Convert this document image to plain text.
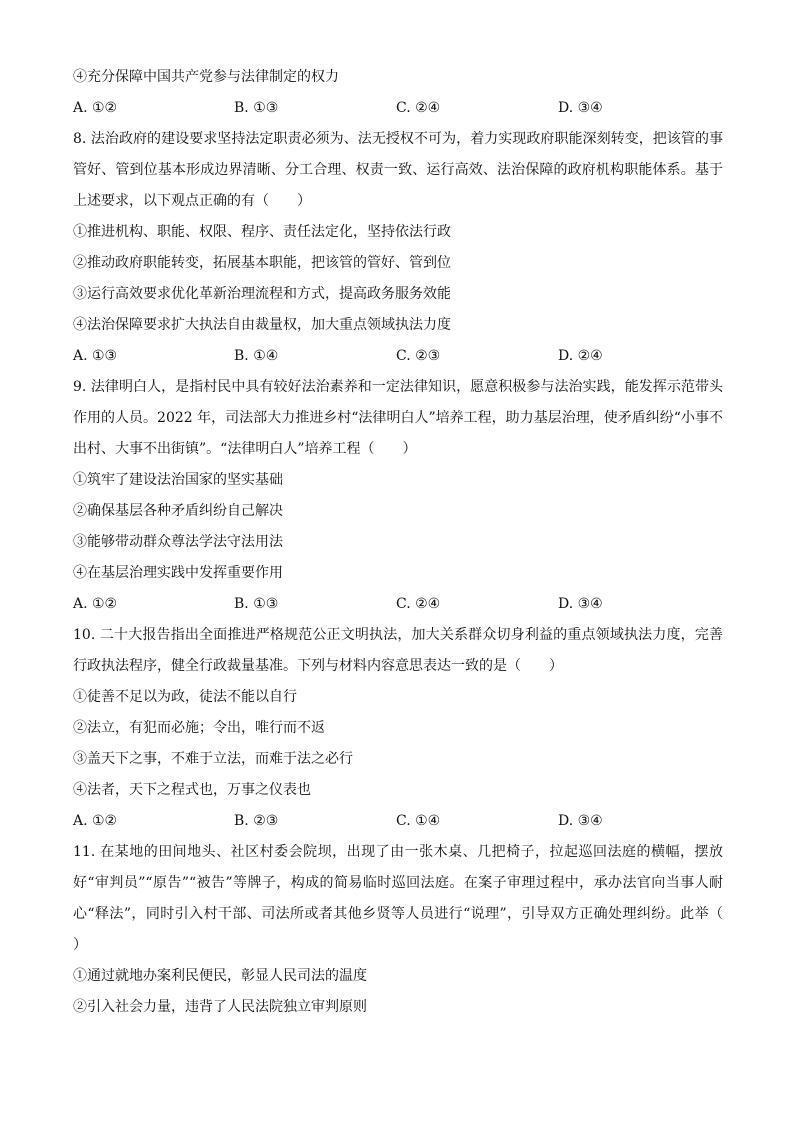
④充分保障中国共产党参与法律制定的权力
A. ①②	B. ①③	C. ②④	D. ③④
8. 法治政府的建设要求坚持法定职责必须为、法无授权不可为，着力实现政府职能深刻转变，把该管的事管好、管到位基本形成边界清晰、分工合理、权责一致、运行高效、法治保障的政府机构职能体系。基于上述要求，以下观点正确的有（　　）
①推进机构、职能、权限、程序、责任法定化，坚持依法行政
②推动政府职能转变，拓展基本职能，把该管的管好、管到位
③运行高效要求优化革新治理流程和方式，提高政务服务效能
④法治保障要求扩大执法自由裁量权，加大重点领域执法力度
A. ①③	B. ①④	C. ②③	D. ②④
9. 法律明白人，是指村民中具有较好法治素养和一定法律知识，愿意积极参与法治实践，能发挥示范带头作用的人员。2022 年，司法部大力推进乡村“法律明白人”培养工程，助力基层治理，使矛盾纠纷“小事不出村、大事不出街镇”。“法律明白人”培养工程（　　）
①筑牢了建设法治国家的坚实基础
②确保基层各种矛盾纠纷自己解决
③能够带动群众尊法学法守法用法
④在基层治理实践中发挥重要作用
A. ①②	B. ①③	C. ②④	D. ③④
10. 二十大报告指出全面推进严格规范公正文明执法，加大关系群众切身利益的重点领域执法力度，完善行政执法程序，健全行政裁量基准。下列与材料内容意思表达一致的是（　　）
①徒善不足以为政，徒法不能以自行
②法立，有犯而必施；令出，唯行而不返
③盖天下之事，不难于立法，而难于法之必行
④法者，天下之程式也，万事之仪表也
A. ①②	B. ②③	C. ①④	D. ③④
11. 在某地的田间地头、社区村委会院坝，出现了由一张木桌、几把椅子，拉起巡回法庭的横幅，摆放好“审判员”“原告”“被告”等牌子，构成的简易临时巡回法庭。在案子审理过程中，承办法官向当事人耐心“释法”，同时引入村干部、司法所或者其他乡贤等人员进行“说理”，引导双方正确处理纠纷。此举（　　）
①通过就地办案利民便民，彰显人民司法的温度
②引入社会力量，违背了人民法院独立审判原则
